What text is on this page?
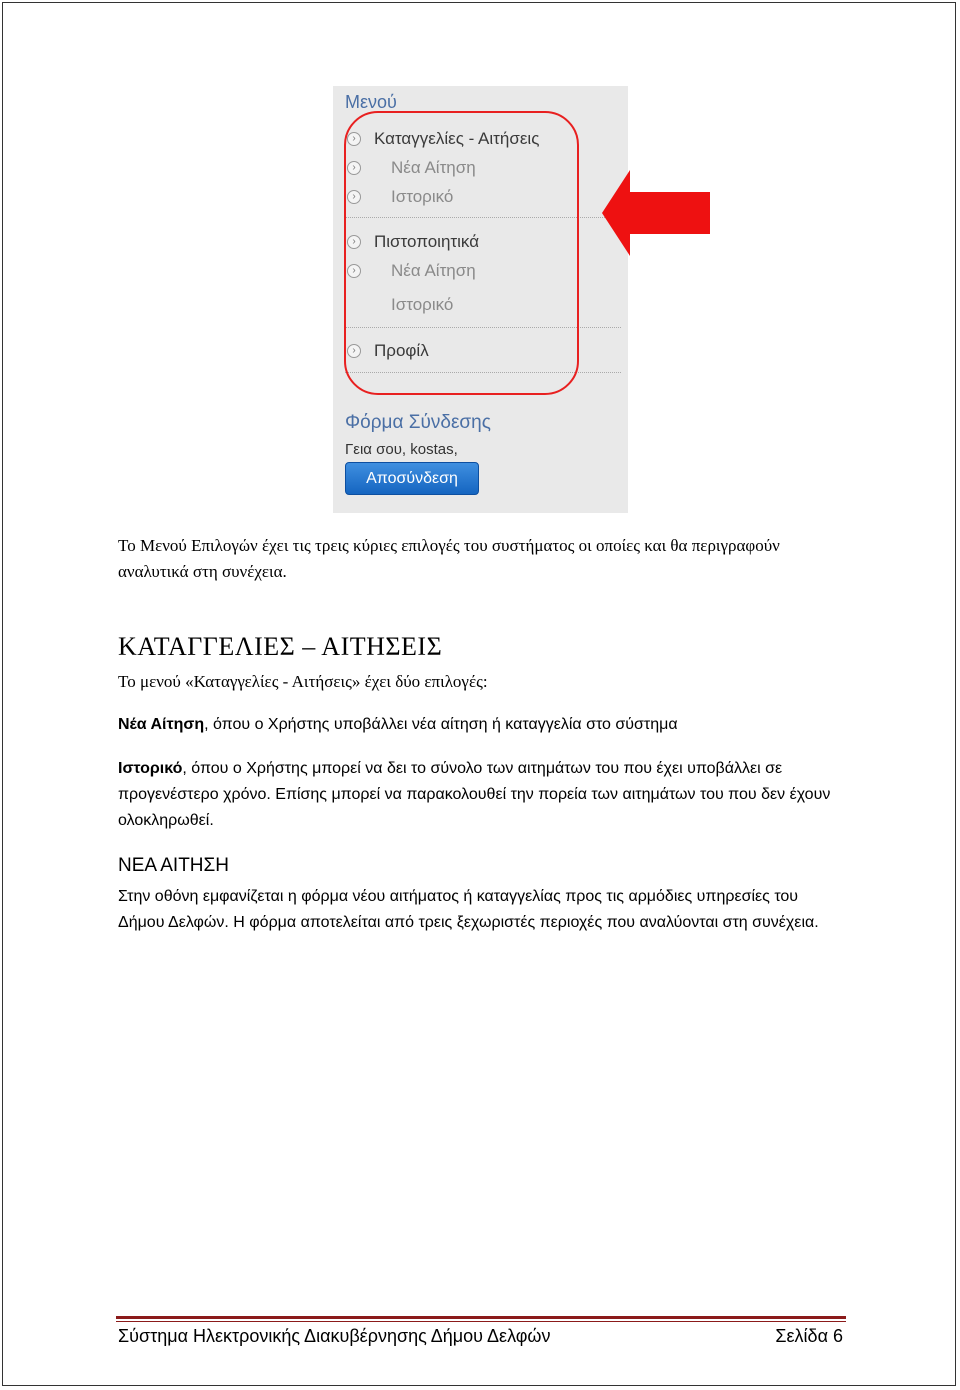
Μενού
›	Καταγγελίες - Αιτήσεις
›	Νέα Αίτηση
›	Ιστορικό
›	Πιστοποιητικά
›	Νέα Αίτηση
Ιστορικό
›	Προφίλ
Φόρμα Σύνδεσης
Γεια σου, kostas,
Αποσύνδεση

Το Μενού Επιλογών έχει τις τρεις κύριες επιλογές του συστήματος οι οποίες και θα περιγραφούν αναλυτικά στη συνέχεια.

ΚΑΤΑΓΓΕΛΙΕΣ – ΑΙΤΗΣΕΙΣ

Το μενού «Καταγγελίες - Αιτήσεις» έχει δύο επιλογές:

Νέα Αίτηση, όπου ο Χρήστης υποβάλλει νέα αίτηση ή καταγγελία στο σύστημα

Ιστορικό, όπου ο Χρήστης μπορεί να δει το σύνολο των αιτημάτων του που έχει υποβάλλει σε προγενέστερο χρόνο. Επίσης μπορεί να παρακολουθεί την πορεία των αιτημάτων του που δεν έχουν ολοκληρωθεί.

ΝΕΑ ΑΙΤΗΣΗ

Στην οθόνη εμφανίζεται η φόρμα νέου αιτήματος ή καταγγελίας προς τις αρμόδιες υπηρεσίες του Δήμου Δελφών. Η φόρμα αποτελείται από τρεις ξεχωριστές περιοχές που αναλύονται στη συνέχεια.

Σύστημα Ηλεκτρονικής Διακυβέρνησης Δήμου Δελφών	Σελίδα 6
